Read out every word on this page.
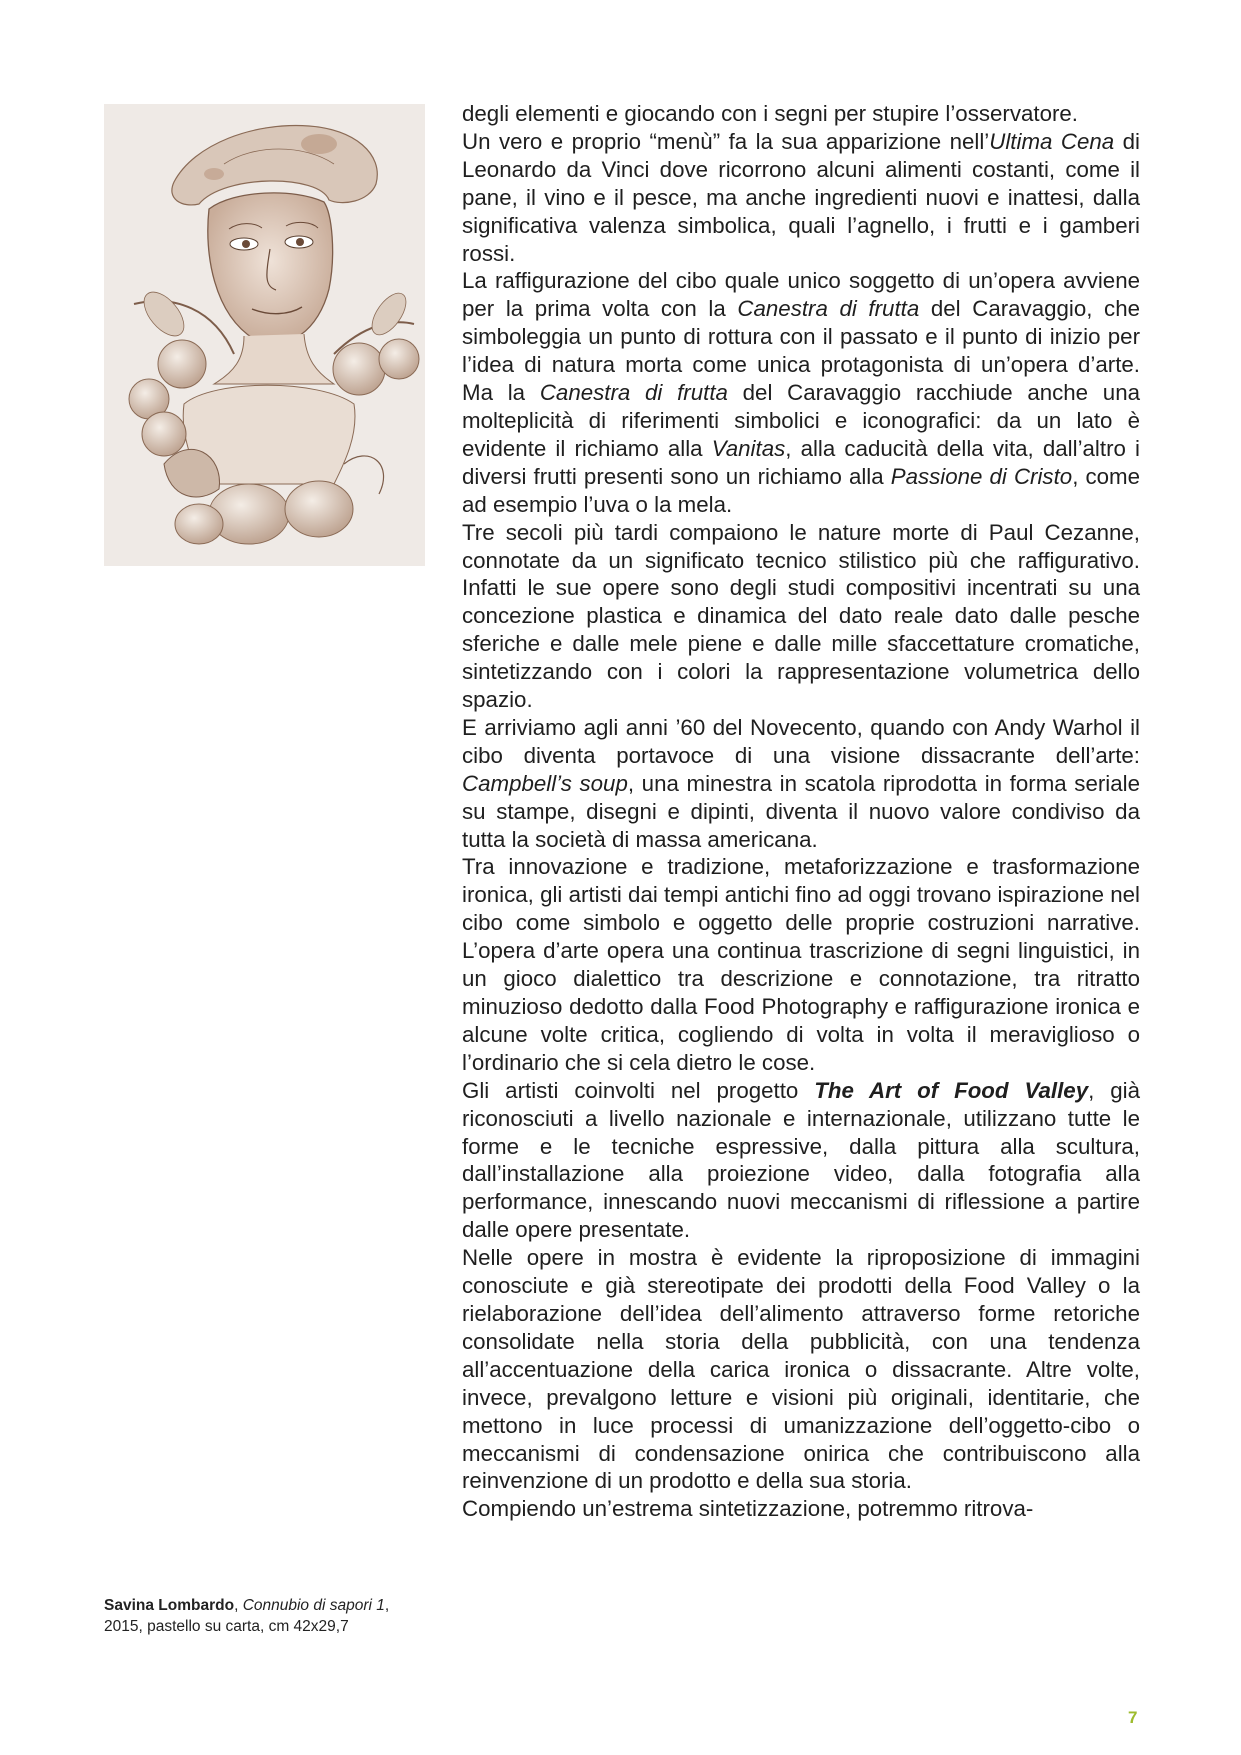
Savina Lombardo, Connubio di sapori 1, 2015, pastello su carta, cm 42x29,7

degli elementi e giocando con i segni per stupire l’osservatore.

Un vero e proprio “menù” fa la sua apparizione nell’Ultima Cena di Leonardo da Vinci dove ricorrono alcuni alimenti costanti, come il pane, il vino e il pesce, ma anche ingredienti nuovi e inattesi, dalla significativa valenza simbolica, quali l’agnello, i frutti e i gamberi rossi.

La raffigurazione del cibo quale unico soggetto di un’opera avviene per la prima volta con la Canestra di frutta del Caravaggio, che simboleggia un punto di rottura con il passato e il punto di inizio per l’idea di natura morta come unica protagonista di un’opera d’arte. Ma la Canestra di frutta del Caravaggio racchiude anche una molteplicità di riferimenti simbolici e iconografici: da un lato è evidente il richiamo alla Vanitas, alla caducità della vita, dall’altro i diversi frutti presenti sono un richiamo alla Passione di Cristo, come ad esempio l’uva o la mela.

Tre secoli più tardi compaiono le nature morte di Paul Cezanne, connotate da un significato tecnico stilistico più che raffigurativo. Infatti le sue opere sono degli studi compositivi incentrati su una concezione plastica e dinamica del dato reale dato dalle pesche sferiche e dalle mele piene e dalle mille sfaccettature cromatiche, sintetizzando con i colori la rappresentazione volumetrica dello spazio.

E arriviamo agli anni ’60 del Novecento, quando con Andy Warhol il cibo diventa portavoce di una visione dissacrante dell’arte: Campbell’s soup, una minestra in scatola riprodotta in forma seriale su stampe, disegni e dipinti, diventa il nuovo valore condiviso da tutta la società di massa americana.

Tra innovazione e tradizione, metaforizzazione e trasformazione ironica, gli artisti dai tempi antichi fino ad oggi trovano ispirazione nel cibo come simbolo e oggetto delle proprie costruzioni narrative. L’opera d’arte opera una continua trascrizione di segni linguistici, in un gioco dialettico tra descrizione e connotazione, tra ritratto minuzioso dedotto dalla Food Photography e raffigurazione ironica e alcune volte critica, cogliendo di volta in volta il meraviglioso o l’ordinario che si cela dietro le cose.

Gli artisti coinvolti nel progetto The Art of Food Valley, già riconosciuti a livello nazionale e internazionale, utilizzano tutte le forme e le tecniche espressive, dalla pittura alla scultura, dall’installazione alla proiezione video, dalla fotografia alla performance, innescando nuovi meccanismi di riflessione a partire dalle opere presentate.

Nelle opere in mostra è evidente la riproposizione di immagini conosciute e già stereotipate dei prodotti della Food Valley o la rielaborazione dell’idea dell’alimento attraverso forme retoriche consolidate nella storia della pubblicità, con una tendenza all’accentuazione della carica ironica o dissacrante. Altre volte, invece, prevalgono letture e visioni più originali, identitarie, che mettono in luce processi di umanizzazione dell’oggetto-cibo o meccanismi di condensazione onirica che contribuiscono alla reinvenzione di un prodotto e della sua storia.

Compiendo un’estrema sintetizzazione, potremmo ritrova-

7
